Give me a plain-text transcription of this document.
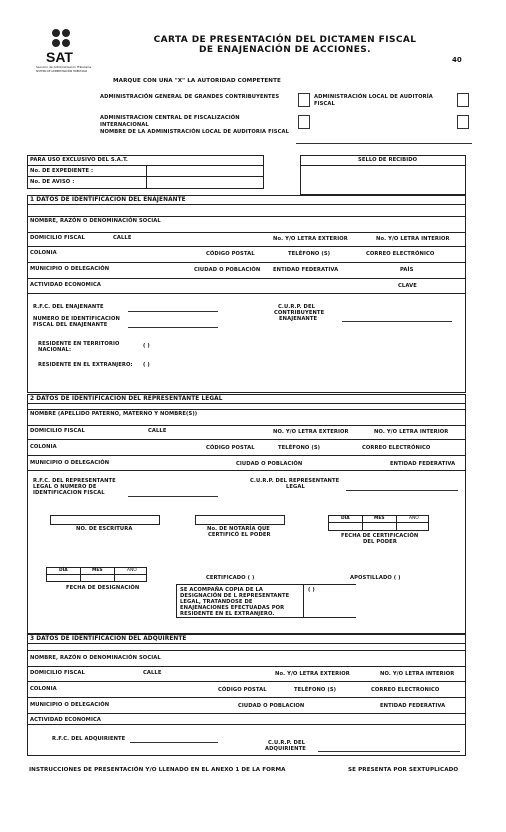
SAT
Servicio de Administración Tributaria
SISTEMA DE ADMINISTRACIÓN TRIBUTARIA
CARTA DE PRESENTACIÓN DEL DICTAMEN FISCAL
DE ENAJENACIÓN DE ACCIONES.
40
MARQUE CON UNA "X" LA AUTORIDAD COMPETENTE
ADMINISTRACIÓN GENERAL DE GRANDES CONTRIBUYENTES	ADMINISTRACIÓN LOCAL DE AUDITORÍA FISCAL
ADMINISTRACION CENTRAL DE FISCALIZACIÓN INTERNACIONAL
NOMBRE DE LA ADMINISTRACIÓN LOCAL DE AUDITORIA FISCAL
PARA USO EXCLUSIVO DEL S.A.T.
No. DE EXPEDIENTE :
No. DE AVISO :
SELLO DE RECIBIDO
1 DATOS DE IDENTIFICACIÓN DEL ENAJENANTE
NOMBRE, RAZÓN O DENOMINACIÓN SOCIAL
DOMICILIO FISCAL	CALLE	No. Y/O LETRA EXTERIOR	No. Y/O LETRA INTERIOR
COLONIA	CÓDIGO POSTAL	TELÉFONO (S)	CORREO ELECTRÓNICO
MUNICIPIO O DELEGACIÓN	CIUDAD O POBLACIÓN ENTIDAD FEDERATIVA	PAÍS
ACTIVIDAD ECONOMICA	CLAVE
R.F.C. DEL ENAJENANTE	C.U.R.P. DEL
CONTRIBUYENTE
ENAJENANTE
NUMERO DE IDENTIFICACION
FISCAL DEL ENAJENANTE
RESIDENTE EN TERRITORIO
NACIONAL:
( )
RESIDENTE EN EL EXTRANJERO: ( )
2 DATOS DE IDENTIFICACIÓN DEL REPRESENTANTE LEGAL
NOMBRE (APELLIDO PATERNO, MATERNO Y NOMBRE(S))
DOMICILIO FISCAL	CALLE	NO. Y/O LETRA EXTERIOR	NO. Y/O LETRA INTERIOR
COLONIA	CÓDIGO POSTAL	TELÉFONO (S)	CORREO ELECTRÓNICO
MUNICIPIO O DELEGACIÓN	CIUDAD O POBLACIÓN	ENTIDAD FEDERATIVA
R.F.C. DEL REPRESENTANTE
LEGAL O NUMERO DE
IDENTIFICACION FISCAL
C.U.R.P. DEL REPRESENTANTE
LEGAL
NO. DE ESCRITURA	No. DE NOTARÍA QUE
CERTIFICÓ EL PODER
DÍA	MES	AÑO
FECHA DE CERTIFICACIÓN
DEL PODER
DÍA	MES	AÑO
FECHA DE DESIGNACIÓN
CERTIFICADO ( )	APOSTILLADO ( )
SE ACOMPAÑA COPIA DE LA
DESIGNACIÓN DE L REPRESENTANTE
LEGAL, TRATANDOSE DE
ENAJENACIONES EFECTUADAS POR
RESIDENTE EN EL EXTRANJERO.
( )
3 DATOS DE IDENTIFICACIÓN DEL ADQUIRENTE
NOMBRE, RAZÓN O DENOMINACIÓN SOCIAL
DOMICILIO FISCAL	CALLE	No. Y/O LETRA EXTERIOR	NO. Y/O LETRA INTERIOR
COLONIA	CÓDIGO POSTAL	TELÉFONO (S)	CORREO ELECTRONICO
MUNICIPIO O DELEGACIÓN	CIUDAD O POBLACION	ENTIDAD FEDERATIVA
ACTIVIDAD ECONOMICA
R.F.C. DEL ADQUIRIENTE
C.U.R.P. DEL
ADQUIRIENTE
INSTRUCCIONES DE PRESENTACIÓN Y/O LLENADO EN EL ANEXO 1 DE LA FORMA	SE PRESENTA POR SEXTUPLICADO
